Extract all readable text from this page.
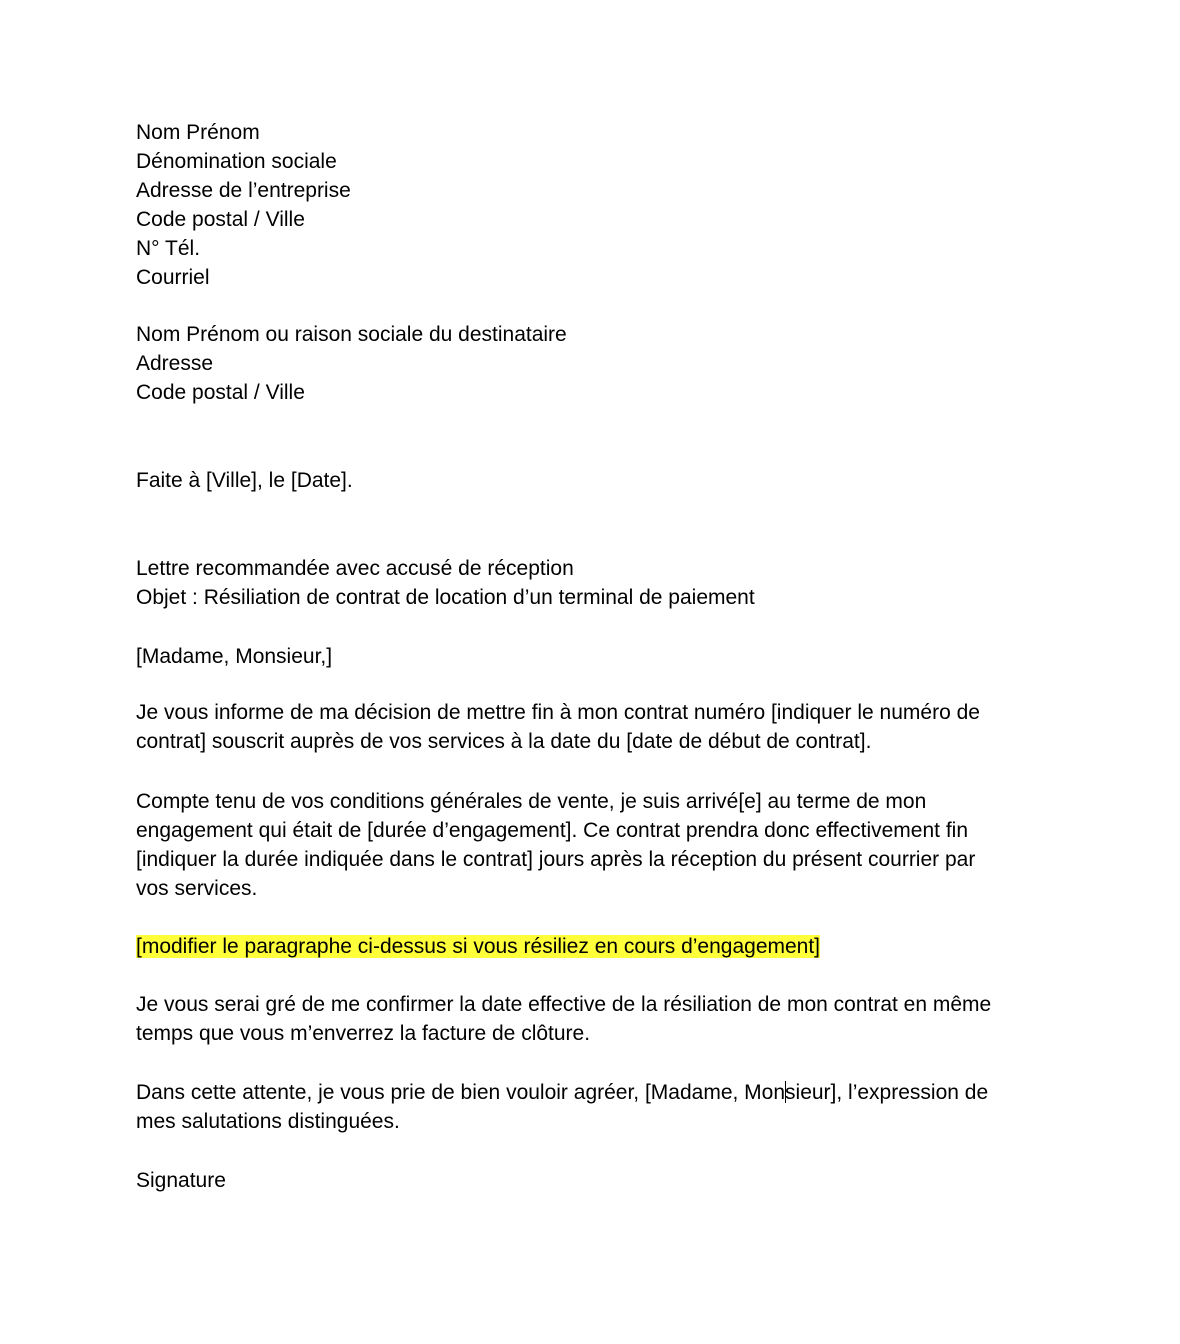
Nom Prénom
Dénomination sociale
Adresse de l’entreprise
Code postal / Ville
N° Tél.
Courriel
Nom Prénom ou raison sociale du destinataire
Adresse
Code postal / Ville
Faite à [Ville], le [Date].
Lettre recommandée avec accusé de réception
Objet : Résiliation de contrat de location d’un terminal de paiement
[Madame, Monsieur,]
Je vous informe de ma décision de mettre fin à mon contrat numéro [indiquer le numéro de
contrat] souscrit auprès de vos services à la date du [date de début de contrat].
Compte tenu de vos conditions générales de vente, je suis arrivé[e] au terme de mon
engagement qui était de [durée d’engagement]. Ce contrat prendra donc effectivement fin
[indiquer la durée indiquée dans le contrat] jours après la réception du présent courrier par
vos services.
[modifier le paragraphe ci-dessus si vous résiliez en cours d’engagement]
Je vous serai gré de me confirmer la date effective de la résiliation de mon contrat en même
temps que vous m’enverrez la facture de clôture.
Dans cette attente, je vous prie de bien vouloir agréer, [Madame, Monsieur], l’expression de
mes salutations distinguées.
Signature
